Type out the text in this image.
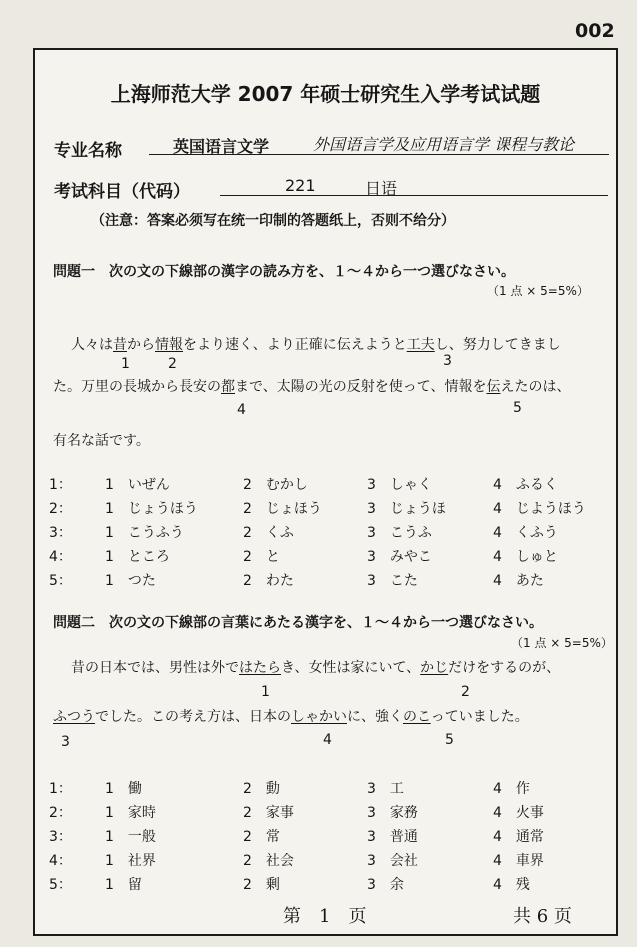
002
上海师范大学 2007 年硕士研究生入学考试试题
专业名称	英国语言文学	外国语言学及应用语言学 课程与教论
考试科目（代码）	221	日语
（注意：答案必须写在统一印制的答题纸上，否则不给分）
問題一　次の文の下線部の漢字の読み方を、１～４から一つ選びなさい。
（1 点 × 5=5%）
人々は昔から情報をより速く、より正確に伝えようと工夫し、努力してきまし
1	2	3
た。万里の長城から長安の都まで、太陽の光の反射を使って、情報を伝えたのは、
4	5
有名な話です。
1： 1　いぜん	2　むかし	3　しゃく	4　ふるく
2： 1　じょうほう	2　じょほう	3　じょうほ	4　じようほう
3： 1　こうふう	2　くふ	3　こうふ	4　くふう
4： 1　ところ	2　と	3　みやこ	4　しゅと
5： 1　つた	2　わた	3　こた	4　あた
問題二　次の文の下線部の言葉にあたる漢字を、１～４から一つ選びなさい。
（1 点 × 5=5%）
昔の日本では、男性は外ではたらき、女性は家にいて、かじだけをするのが、
1	2
ふつうでした。この考え方は、日本のしゃかいに、強くのこっていました。
3	4	5
1： 1　働	2　動	3　工	4　作
2： 1　家時	2　家事	3　家務	4　火事
3： 1　一般	2　常	3　普通	4　通常
4： 1　社界	2　社会	3　会社	4　車界
5： 1　留	2　剰	3　余	4　残
第　1　页	共 6 页
